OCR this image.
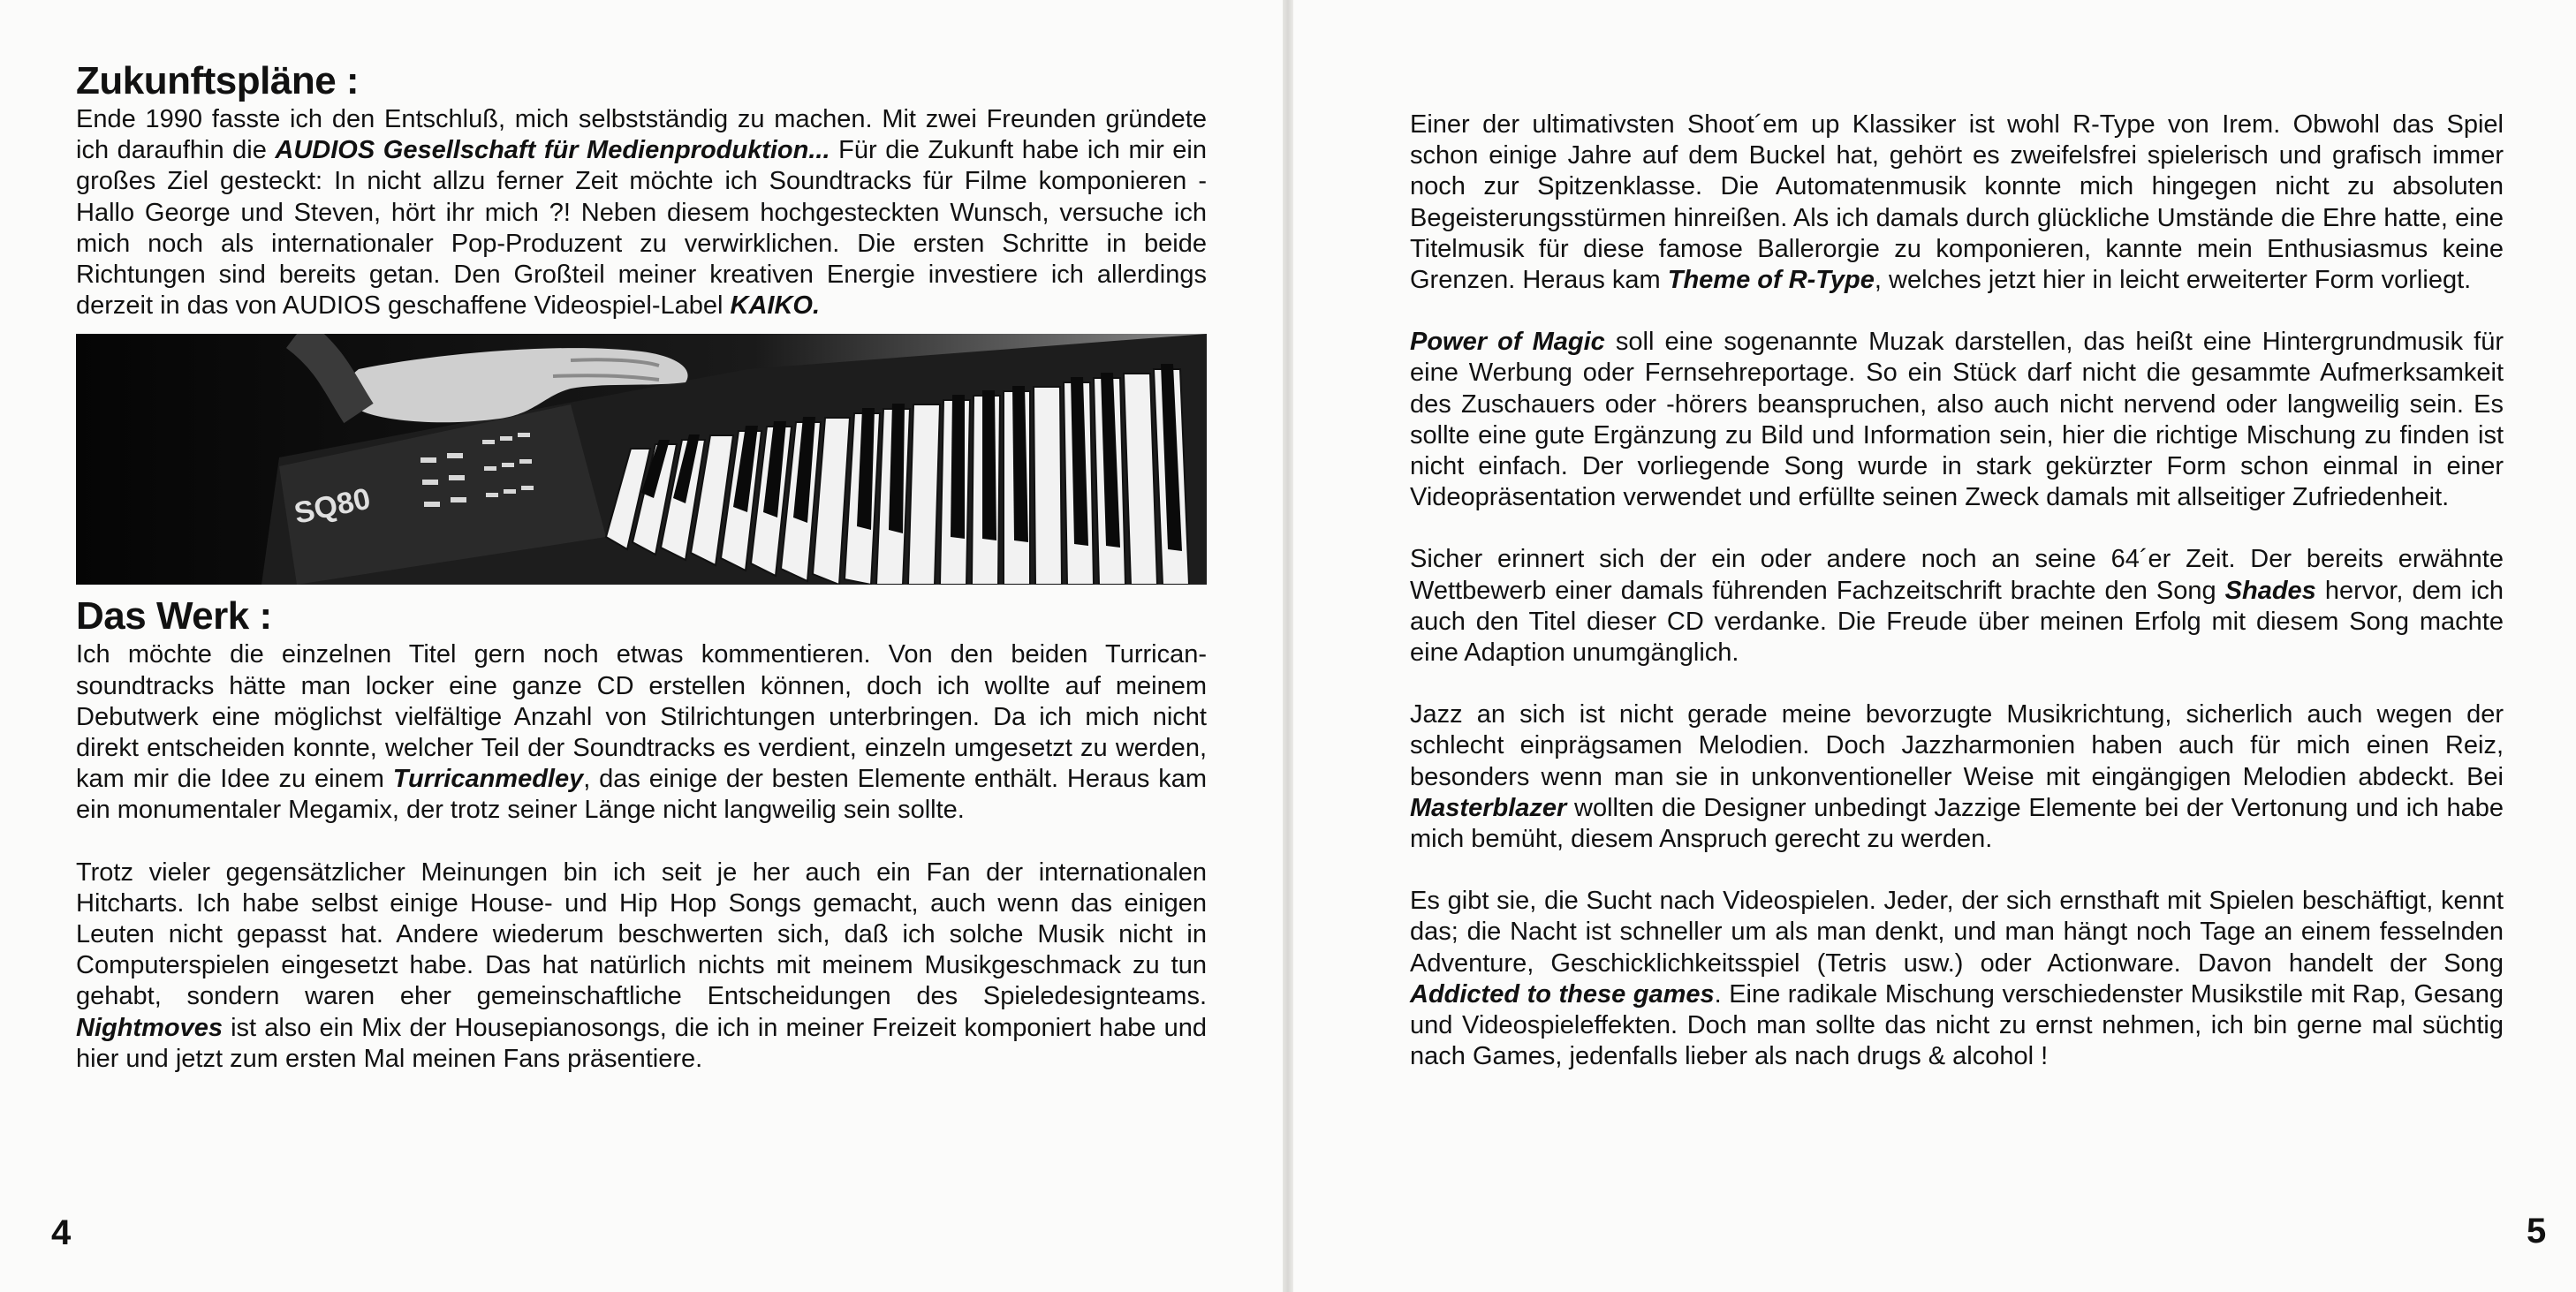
Zukunftspläne :

Ende 1990 fasste ich den Entschluß, mich selbstständig zu machen. Mit zwei Freunden gründete ich daraufhin die AUDIOS Gesellschaft für Medienproduktion... Für die Zukunft habe ich mir ein großes Ziel gesteckt: In nicht allzu ferner Zeit möchte ich Soundtracks für Filme komponieren - Hallo George und Steven, hört ihr mich ?! Neben diesem hochgesteckten Wunsch, versuche ich mich noch als internationaler Pop-Produzent zu verwirklichen. Die ersten Schritte in beide Richtungen sind bereits getan. Den Großteil meiner kreativen Energie investiere ich allerdings derzeit in das von AUDIOS geschaffene Videospiel-Label KAIKO.

SQ80
Das Werk :

Ich möchte die einzelnen Titel gern noch etwas kommentieren. Von den beiden Turrican-soundtracks hätte man locker eine ganze CD erstellen können, doch ich wollte auf meinem Debutwerk eine möglichst vielfältige Anzahl von Stilrichtungen unterbringen. Da ich mich nicht direkt entscheiden konnte, welcher Teil der Soundtracks es verdient, einzeln umgesetzt zu werden, kam mir die Idee zu einem Turricanmedley, das einige der besten Elemente enthält. Heraus kam ein monumentaler Megamix, der trotz seiner Länge nicht langweilig sein sollte.

Trotz vieler gegensätzlicher Meinungen bin ich seit je her auch ein Fan der internationalen Hitcharts. Ich habe selbst einige House- und Hip Hop Songs gemacht, auch wenn das einigen Leuten nicht gepasst hat. Andere wiederum beschwerten sich, daß ich solche Musik nicht in Computerspielen eingesetzt habe. Das hat natürlich nichts mit meinem Musikgeschmack zu tun gehabt, sondern waren eher gemeinschaftliche Entscheidungen des Spieledesignteams. Nightmoves ist also ein Mix der Housepianosongs, die ich in meiner Freizeit komponiert habe und hier und jetzt zum ersten Mal meinen Fans präsentiere.

4	5

Einer der ultimativsten Shoot´em up Klassiker ist wohl R-Type von Irem. Obwohl das Spiel schon einige Jahre auf dem Buckel hat, gehört es zweifelsfrei spielerisch und grafisch immer noch zur Spitzenklasse. Die Automatenmusik konnte mich hingegen nicht zu absoluten Begeisterungsstürmen hinreißen. Als ich damals durch glückliche Umstände die Ehre hatte, eine Titelmusik für diese famose Ballerorgie zu komponieren, kannte mein Enthusiasmus keine Grenzen. Heraus kam Theme of R-Type, welches jetzt hier in leicht erweiterter Form vorliegt.

Power of Magic soll eine sogenannte Muzak darstellen, das heißt eine Hintergrundmusik für eine Werbung oder Fernsehreportage. So ein Stück darf nicht die gesammte Aufmerksamkeit des Zuschauers oder -hörers beanspruchen, also auch nicht nervend oder langweilig sein. Es sollte eine gute Ergänzung zu Bild und Information sein, hier die richtige Mischung zu finden ist nicht einfach. Der vorliegende Song wurde in stark gekürzter Form schon einmal in einer Videopräsentation verwendet und erfüllte seinen Zweck damals mit allseitiger Zufriedenheit.

Sicher erinnert sich der ein oder andere noch an seine 64´er Zeit. Der bereits erwähnte Wettbewerb einer damals führenden Fachzeitschrift brachte den Song Shades hervor, dem ich auch den Titel dieser CD verdanke. Die Freude über meinen Erfolg mit diesem Song machte eine Adaption unumgänglich.

Jazz an sich ist nicht gerade meine bevorzugte Musikrichtung, sicherlich auch wegen der schlecht einprägsamen Melodien. Doch Jazzharmonien haben auch für mich einen Reiz, besonders wenn man sie in unkonventioneller Weise mit eingängigen Melodien abdeckt. Bei Masterblazer wollten die Designer unbedingt Jazzige Elemente bei der Vertonung und ich habe mich bemüht, diesem Anspruch gerecht zu werden.

Es gibt sie, die Sucht nach Videospielen. Jeder, der sich ernsthaft mit Spielen beschäftigt, kennt das; die Nacht ist schneller um als man denkt, und man hängt noch Tage an einem fesselnden Adventure, Geschicklichkeitsspiel (Tetris usw.) oder Actionware. Davon handelt der Song Addicted to these games. Eine radikale Mischung verschiedenster Musikstile mit Rap, Gesang und Videospieleffekten. Doch man sollte das nicht zu ernst nehmen, ich bin gerne mal süchtig nach Games, jedenfalls lieber als nach drugs & alcohol !
